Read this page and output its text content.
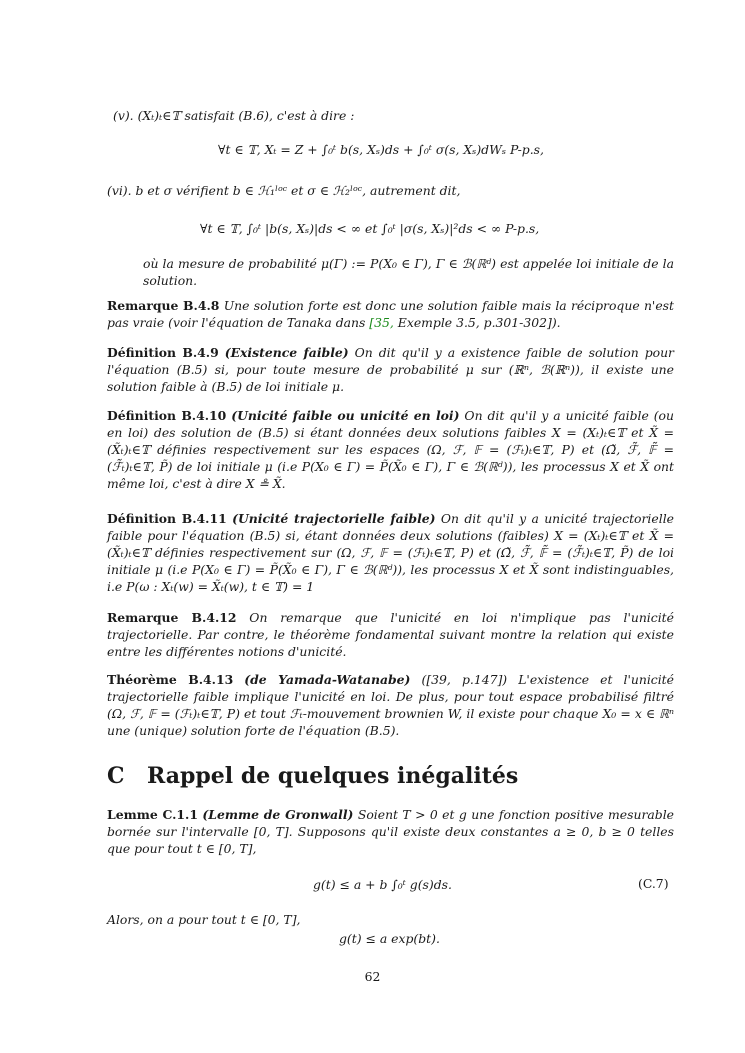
(v). (Xₜ)ₜ∈𝕋 satisfait (B.6), c'est à dire :
∀t ∈ 𝕋, Xₜ = Z + ∫₀ᵗ b(s, Xₛ)ds + ∫₀ᵗ σ(s, Xₛ)dWₛ P-p.s,
(vi). b et σ vérifient b ∈ ℋ₁ˡᵒᶜ et σ ∈ ℋ₂ˡᵒᶜ, autrement dit,
∀t ∈ 𝕋, ∫₀ᵗ |b(s, Xₛ)|ds < ∞ et ∫₀ᵗ |σ(s, Xₛ)|²ds < ∞ P-p.s,
où la mesure de probabilité μ(Γ) := P(X₀ ∈ Γ), Γ ∈ ℬ(ℝᵈ) est appelée loi initiale de la solution.
Remarque B.4.8 Une solution forte est donc une solution faible mais la réciproque n'est pas vraie (voir l'équation de Tanaka dans [35, Exemple 3.5, p.301-302]).
Définition B.4.9 (Existence faible) On dit qu'il y a existence faible de solution pour l'équation (B.5) si, pour toute mesure de probabilité μ sur (ℝⁿ, ℬ(ℝⁿ)), il existe une solution faible à (B.5) de loi initiale μ.
Définition B.4.10 (Unicité faible ou unicité en loi) On dit qu'il y a unicité faible (ou en loi) des solution de (B.5) si étant données deux solutions faibles X = (Xₜ)ₜ∈𝕋 et X̃ = (X̃ₜ)ₜ∈𝕋 définies respectivement sur les espaces (Ω, ℱ, 𝔽 = (ℱₜ)ₜ∈𝕋, P) et (Ω̃, ℱ̃, 𝔽̃ = (ℱ̃ₜ)ₜ∈𝕋, P̃) de loi initiale μ (i.e P(X₀ ∈ Γ) = P̃(X̃₀ ∈ Γ), Γ ∈ ℬ(ℝᵈ)), les processus X et X̃ ont même loi, c'est à dire X ≗ X̃.
Définition B.4.11 (Unicité trajectorielle faible) On dit qu'il y a unicité trajectorielle faible pour l'équation (B.5) si, étant données deux solutions (faibles) X = (Xₜ)ₜ∈𝕋 et X̃ = (X̃ₜ)ₜ∈𝕋 définies respectivement sur (Ω, ℱ, 𝔽 = (ℱₜ)ₜ∈𝕋, P) et (Ω̃, ℱ̃, 𝔽̃ = (ℱ̃ₜ)ₜ∈𝕋, P̃) de loi initiale μ (i.e P(X₀ ∈ Γ) = P̃(X̃₀ ∈ Γ), Γ ∈ ℬ(ℝᵈ)), les processus X et X̃ sont indistinguables, i.e P(ω : Xₜ(w) = X̃ₜ(w), t ∈ 𝕋) = 1
Remarque B.4.12 On remarque que l'unicité en loi n'implique pas l'unicité trajectorielle. Par contre, le théorème fondamental suivant montre la relation qui existe entre les différentes notions d'unicité.
Théorème B.4.13 (de Yamada-Watanabe) ([39, p.147]) L'existence et l'unicité trajectorielle faible implique l'unicité en loi. De plus, pour tout espace probabilisé filtré (Ω, ℱ, 𝔽 = (ℱₜ)ₜ∈𝕋, P) et tout ℱₜ-mouvement brownien W, il existe pour chaque X₀ = x ∈ ℝⁿ une (unique) solution forte de l'équation (B.5).
C Rappel de quelques inégalités
Lemme C.1.1 (Lemme de Gronwall) Soient T > 0 et g une fonction positive mesurable bornée sur l'intervalle [0, T]. Supposons qu'il existe deux constantes a ≥ 0, b ≥ 0 telles que pour tout t ∈ [0, T],
g(t) ≤ a + b ∫₀ᵗ g(s)ds.	(C.7)
Alors, on a pour tout t ∈ [0, T],
g(t) ≤ a exp(bt).
62
